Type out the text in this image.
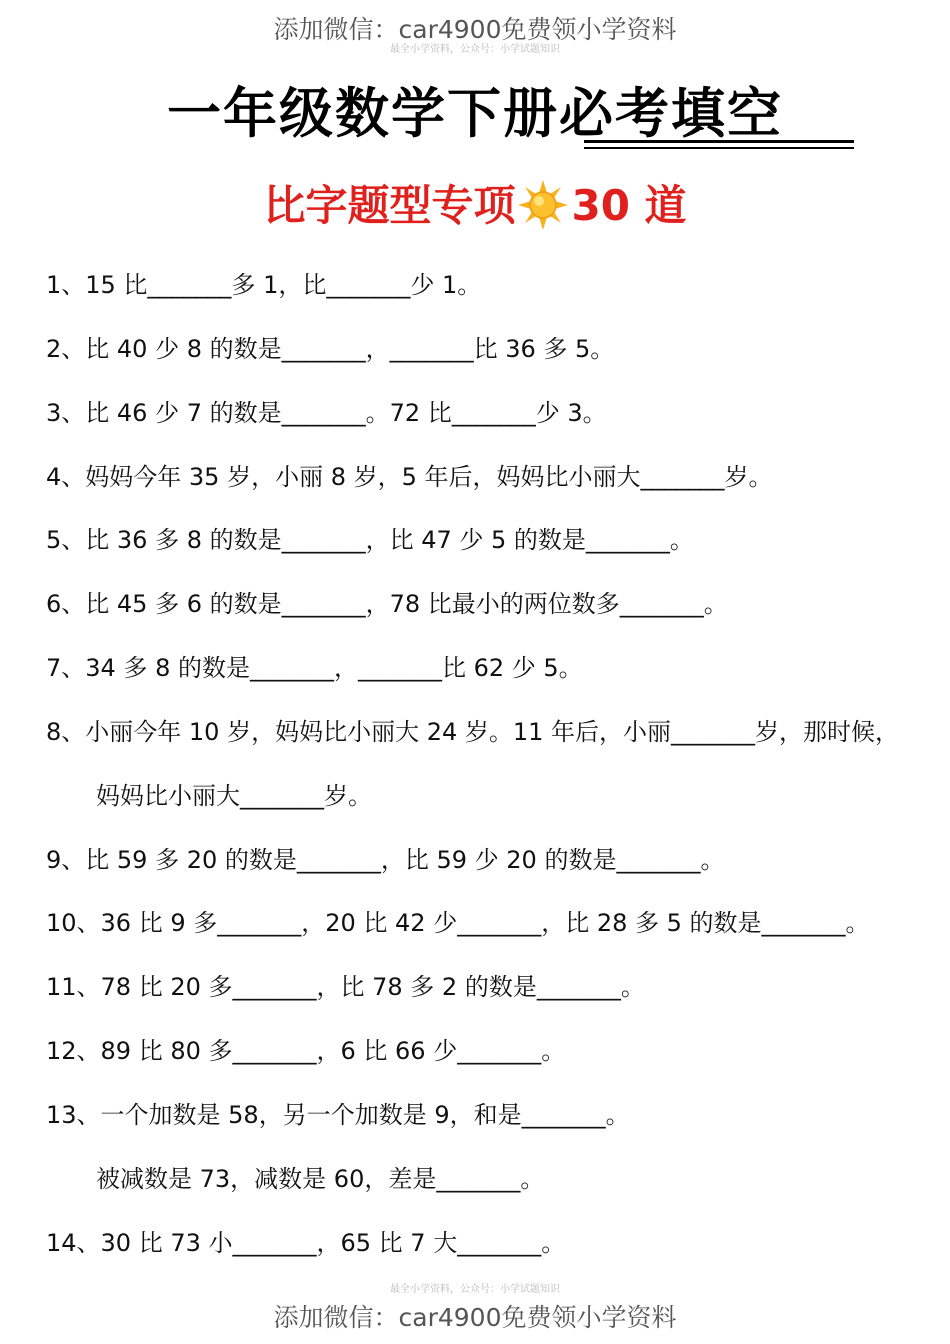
添加微信：car4900免费领小学资料
最全小学资料，公众号：小学试题知识
一年级数学下册必考填空
比字题型专项 30 道
1、15 比_______多 1，比_______少 1。
2、比 40 少 8 的数是_______，_______比 36 多 5。
3、比 46 少 7 的数是_______。72 比_______少 3。
4、妈妈今年 35 岁，小丽 8 岁，5 年后，妈妈比小丽大_______岁。
5、比 36 多 8 的数是_______，比 47 少 5 的数是_______。
6、比 45 多 6 的数是_______，78 比最小的两位数多_______。
7、34 多 8 的数是_______，_______比 62 少 5。
8、小丽今年 10 岁，妈妈比小丽大 24 岁。11 年后，小丽_______岁，那时候，
妈妈比小丽大_______岁。
9、比 59 多 20 的数是_______，比 59 少 20 的数是_______。
10、36 比 9 多_______，20 比 42 少_______，比 28 多 5 的数是_______。
11、78 比 20 多_______，比 78 多 2 的数是_______。
12、89 比 80 多_______，6 比 66 少_______。
13、一个加数是 58，另一个加数是 9，和是_______。
被减数是 73，减数是 60，差是_______。
14、30 比 73 小_______，65 比 7 大_______。
最全小学资料，公众号：小学试题知识
添加微信：car4900免费领小学资料
